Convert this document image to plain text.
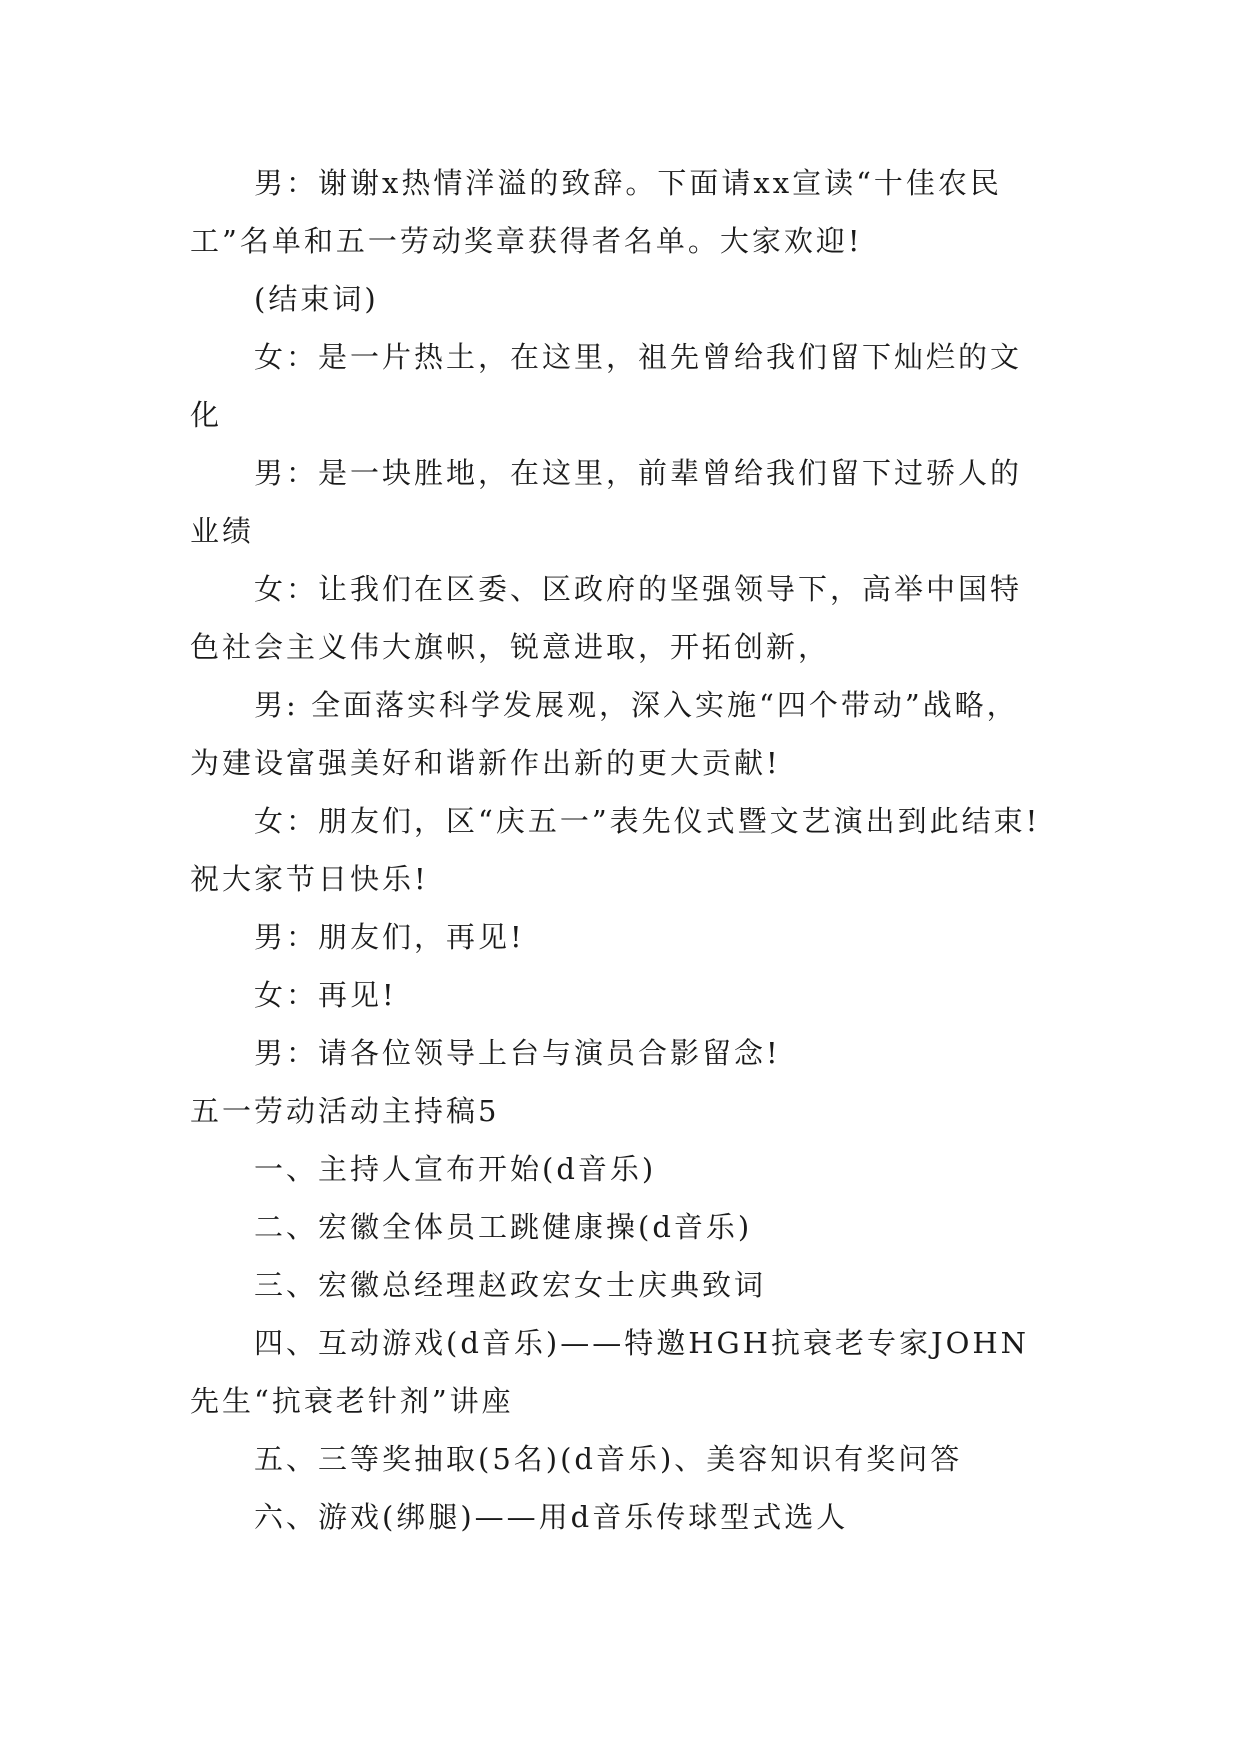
男：谢谢x热情洋溢的致辞。下面请xx宣读“十佳农民工”名单和五一劳动奖章获得者名单。大家欢迎!

(结束词)

女：是一片热土，在这里，祖先曾给我们留下灿烂的文化

男：是一块胜地，在这里，前辈曾给我们留下过骄人的业绩

女：让我们在区委、区政府的坚强领导下，高举中国特色社会主义伟大旗帜，锐意进取，开拓创新，

男: 全面落实科学发展观，深入实施“四个带动”战略，为建设富强美好和谐新作出新的更大贡献!

女：朋友们，区“庆五一”表先仪式暨文艺演出到此结束!祝大家节日快乐!

男：朋友们，再见!

女：再见!

男：请各位领导上台与演员合影留念!

五一劳动活动主持稿5

一、主持人宣布开始(d音乐)

二、宏徽全体员工跳健康操(d音乐)

三、宏徽总经理赵政宏女士庆典致词

四、互动游戏(d音乐)——特邀HGH抗衰老专家JOHN先生“抗衰老针剂”讲座

五、三等奖抽取(5名)(d音乐)、美容知识有奖问答

六、游戏(绑腿)——用d音乐传球型式选人
